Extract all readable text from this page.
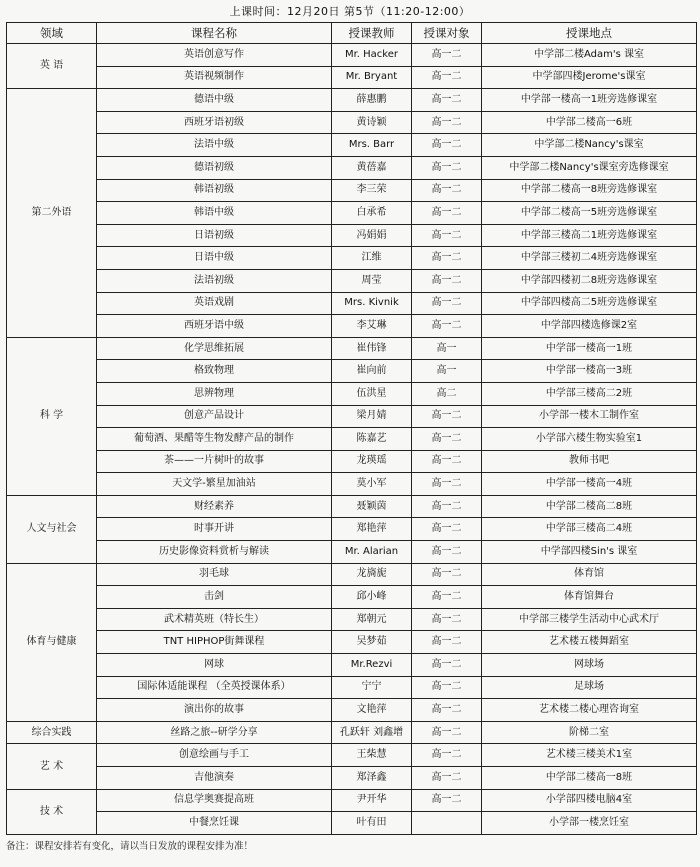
上课时间：12月20日 第5节（11:20-12:00）
领域	课程名称	授课教师	授课对象	授课地点
英 语	英语创意写作	Mr. Hacker	高一二	中学部二楼Adam's 课室
	英语视频制作	Mr. Bryant	高一二	中学部四楼Jerome's课室
第二外语	德语中级	薛惠鹏	高一二	中学部一楼高一1班旁选修课室
	西班牙语初级	黄诗颖	高一二	中学部二楼高一6班
	法语中级	Mrs. Barr	高一二	中学部二楼Nancy's课室
	德语初级	黄蓓嘉	高一二	中学部二楼Nancy's课室旁选修课室
	韩语初级	李三荣	高一二	中学部二楼高一8班旁选修课室
	韩语中级	白承希	高一二	中学部二楼高一5班旁选修课室
	日语初级	冯娟娟	高一二	中学部三楼高二1班旁选修课室
	日语中级	江维	高一二	中学部三楼初二4班旁选修课室
	法语初级	周莹	高一二	中学部四楼初二8班旁选修课室
	英语戏剧	Mrs. Kivnik	高一二	中学部四楼高二5班旁选修课室
	西班牙语中级	李艾琳	高一二	中学部四楼选修课2室
科 学	化学思维拓展	崔伟锋	高一	中学部一楼高一1班
	格致物理	崔向前	高一	中学部一楼高一3班
	思辨物理	伍洪星	高二	中学部三楼高二2班
	创意产品设计	梁月婧	高一二	小学部一楼木工制作室
	葡萄酒、果醋等生物发酵产品的制作	陈嘉艺	高一二	小学部六楼生物实验室1
	茶——一片树叶的故事	龙瑛瑶	高一二	教师书吧
	天文学-繁星加油站	莫小军	高一二	中学部一楼高一4班
人文与社会	财经素养	聂颖茵	高一二	中学部二楼高二8班
	时事开讲	郑艳萍	高一二	中学部三楼高二4班
	历史影像资料赏析与解读	Mr. Alarian	高一二	中学部四楼Sin's 课室
体育与健康	羽毛球	龙旖旎	高一二	体育馆
	击剑	邱小峰	高一二	体育馆舞台
	武术精英班（特长生）	郑朝元	高一二	中学部三楼学生活动中心武术厅
	TNT HIPHOP街舞课程	吴梦茹	高一二	艺术楼五楼舞蹈室
	网球	Mr.Rezvi	高一二	网球场
	国际体适能课程 （全英授课体系）	宁宁	高一二	足球场
	演出你的故事	文艳萍	高一二	艺术楼二楼心理咨询室
综合实践	丝路之旅--研学分享	孔跃轩 刘鑫增	高一二	阶梯二室
艺 术	创意绘画与手工	王柴慧	高一二	艺术楼三楼美术1室
	吉他演奏	郑泽鑫	高一二	中学部二楼高一8班
技 术	信息学奥赛提高班	尹开华	高一二	小学部四楼电脑4室
	中餐烹饪课	叶有田		小学部一楼烹饪室
备注：课程安排若有变化，请以当日发放的课程安排为准！
